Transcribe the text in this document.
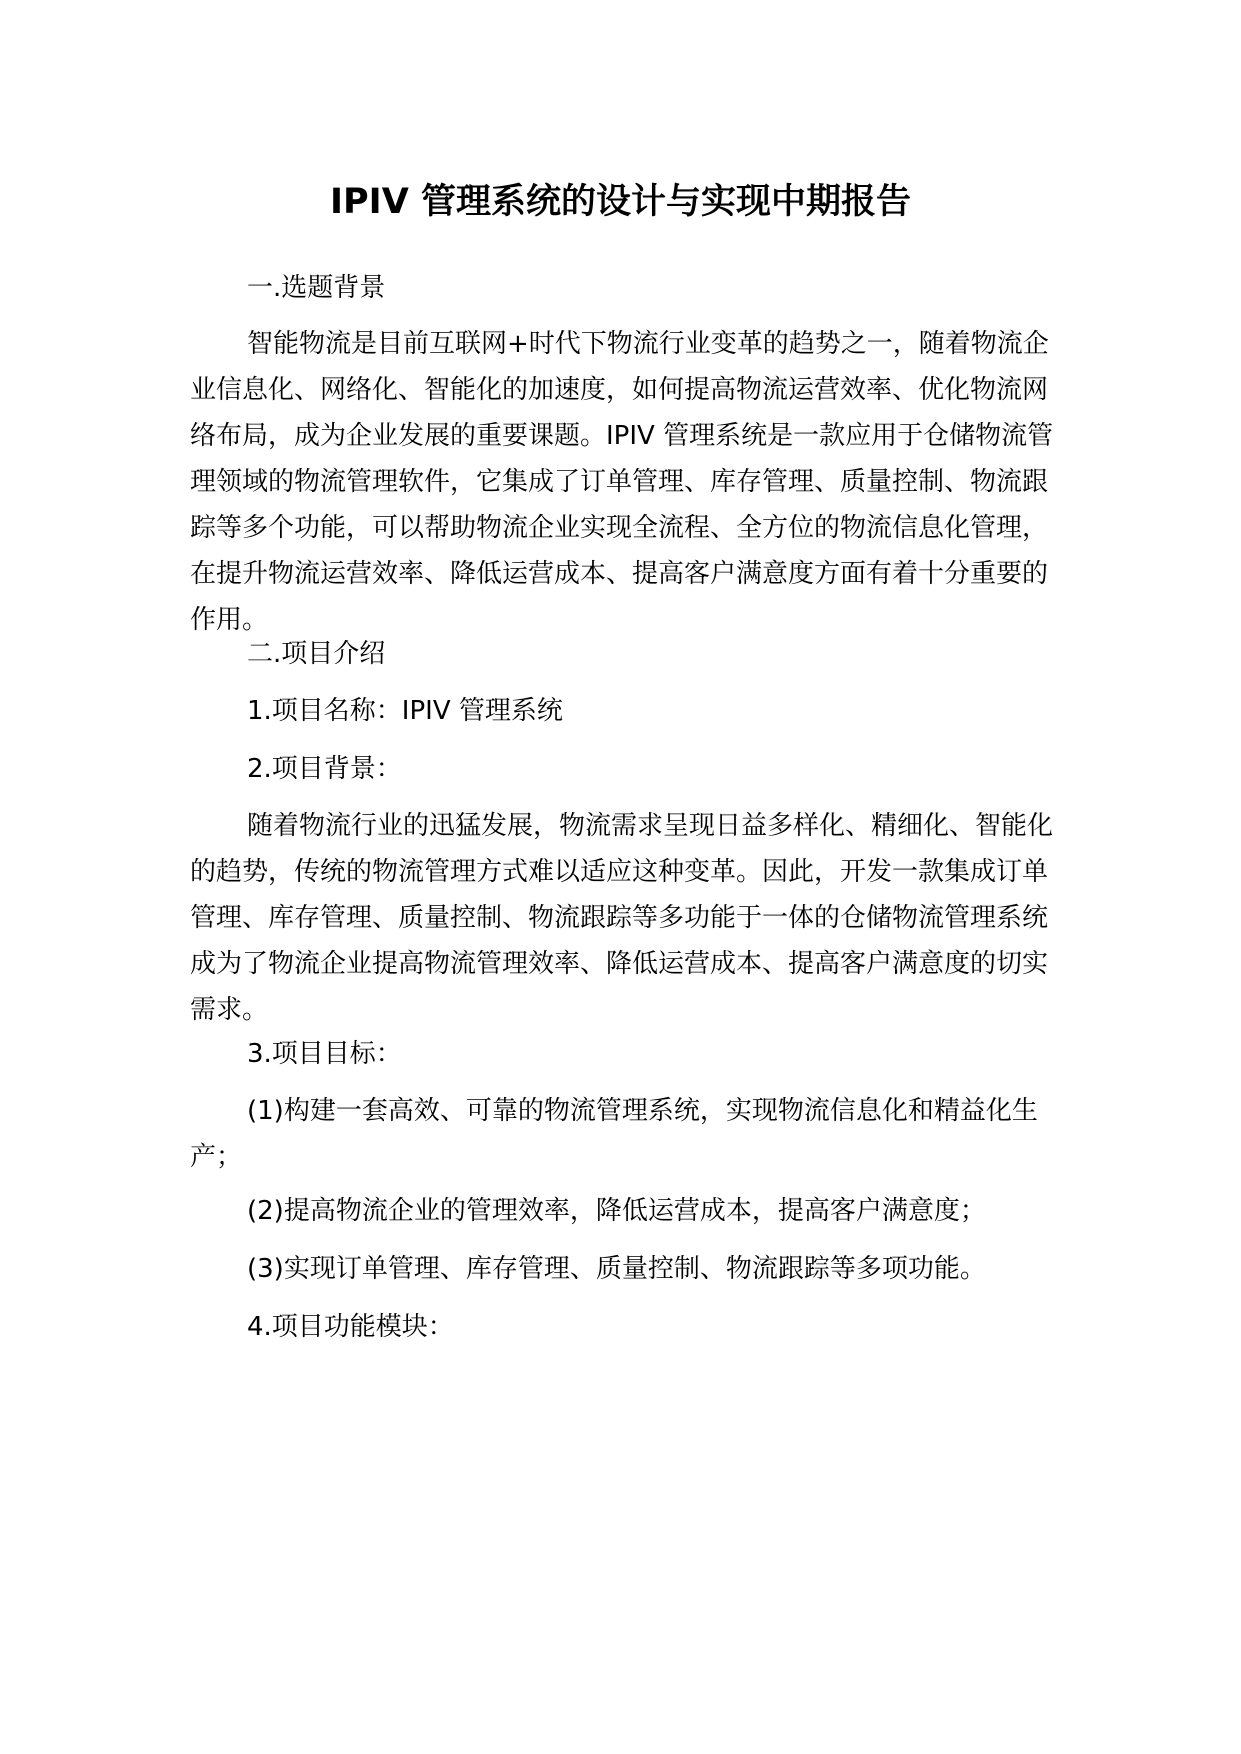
IPIV 管理系统的设计与实现中期报告

一.选题背景

智能物流是目前互联网+时代下物流行业变革的趋势之一，随着物流企业信息化、网络化、智能化的加速度，如何提高物流运营效率、优化物流网络布局，成为企业发展的重要课题。IPIV 管理系统是一款应用于仓储物流管理领域的物流管理软件，它集成了订单管理、库存管理、质量控制、物流跟踪等多个功能，可以帮助物流企业实现全流程、全方位的物流信息化管理，在提升物流运营效率、降低运营成本、提高客户满意度方面有着十分重要的作用。

二.项目介绍

1.项目名称：IPIV 管理系统

2.项目背景：

随着物流行业的迅猛发展，物流需求呈现日益多样化、精细化、智能化的趋势，传统的物流管理方式难以适应这种变革。因此，开发一款集成订单管理、库存管理、质量控制、物流跟踪等多功能于一体的仓储物流管理系统成为了物流企业提高物流管理效率、降低运营成本、提高客户满意度的切实需求。

3.项目目标：

(1)构建一套高效、可靠的物流管理系统，实现物流信息化和精益化生产；

(2)提高物流企业的管理效率，降低运营成本，提高客户满意度；

(3)实现订单管理、库存管理、质量控制、物流跟踪等多项功能。

4.项目功能模块：
